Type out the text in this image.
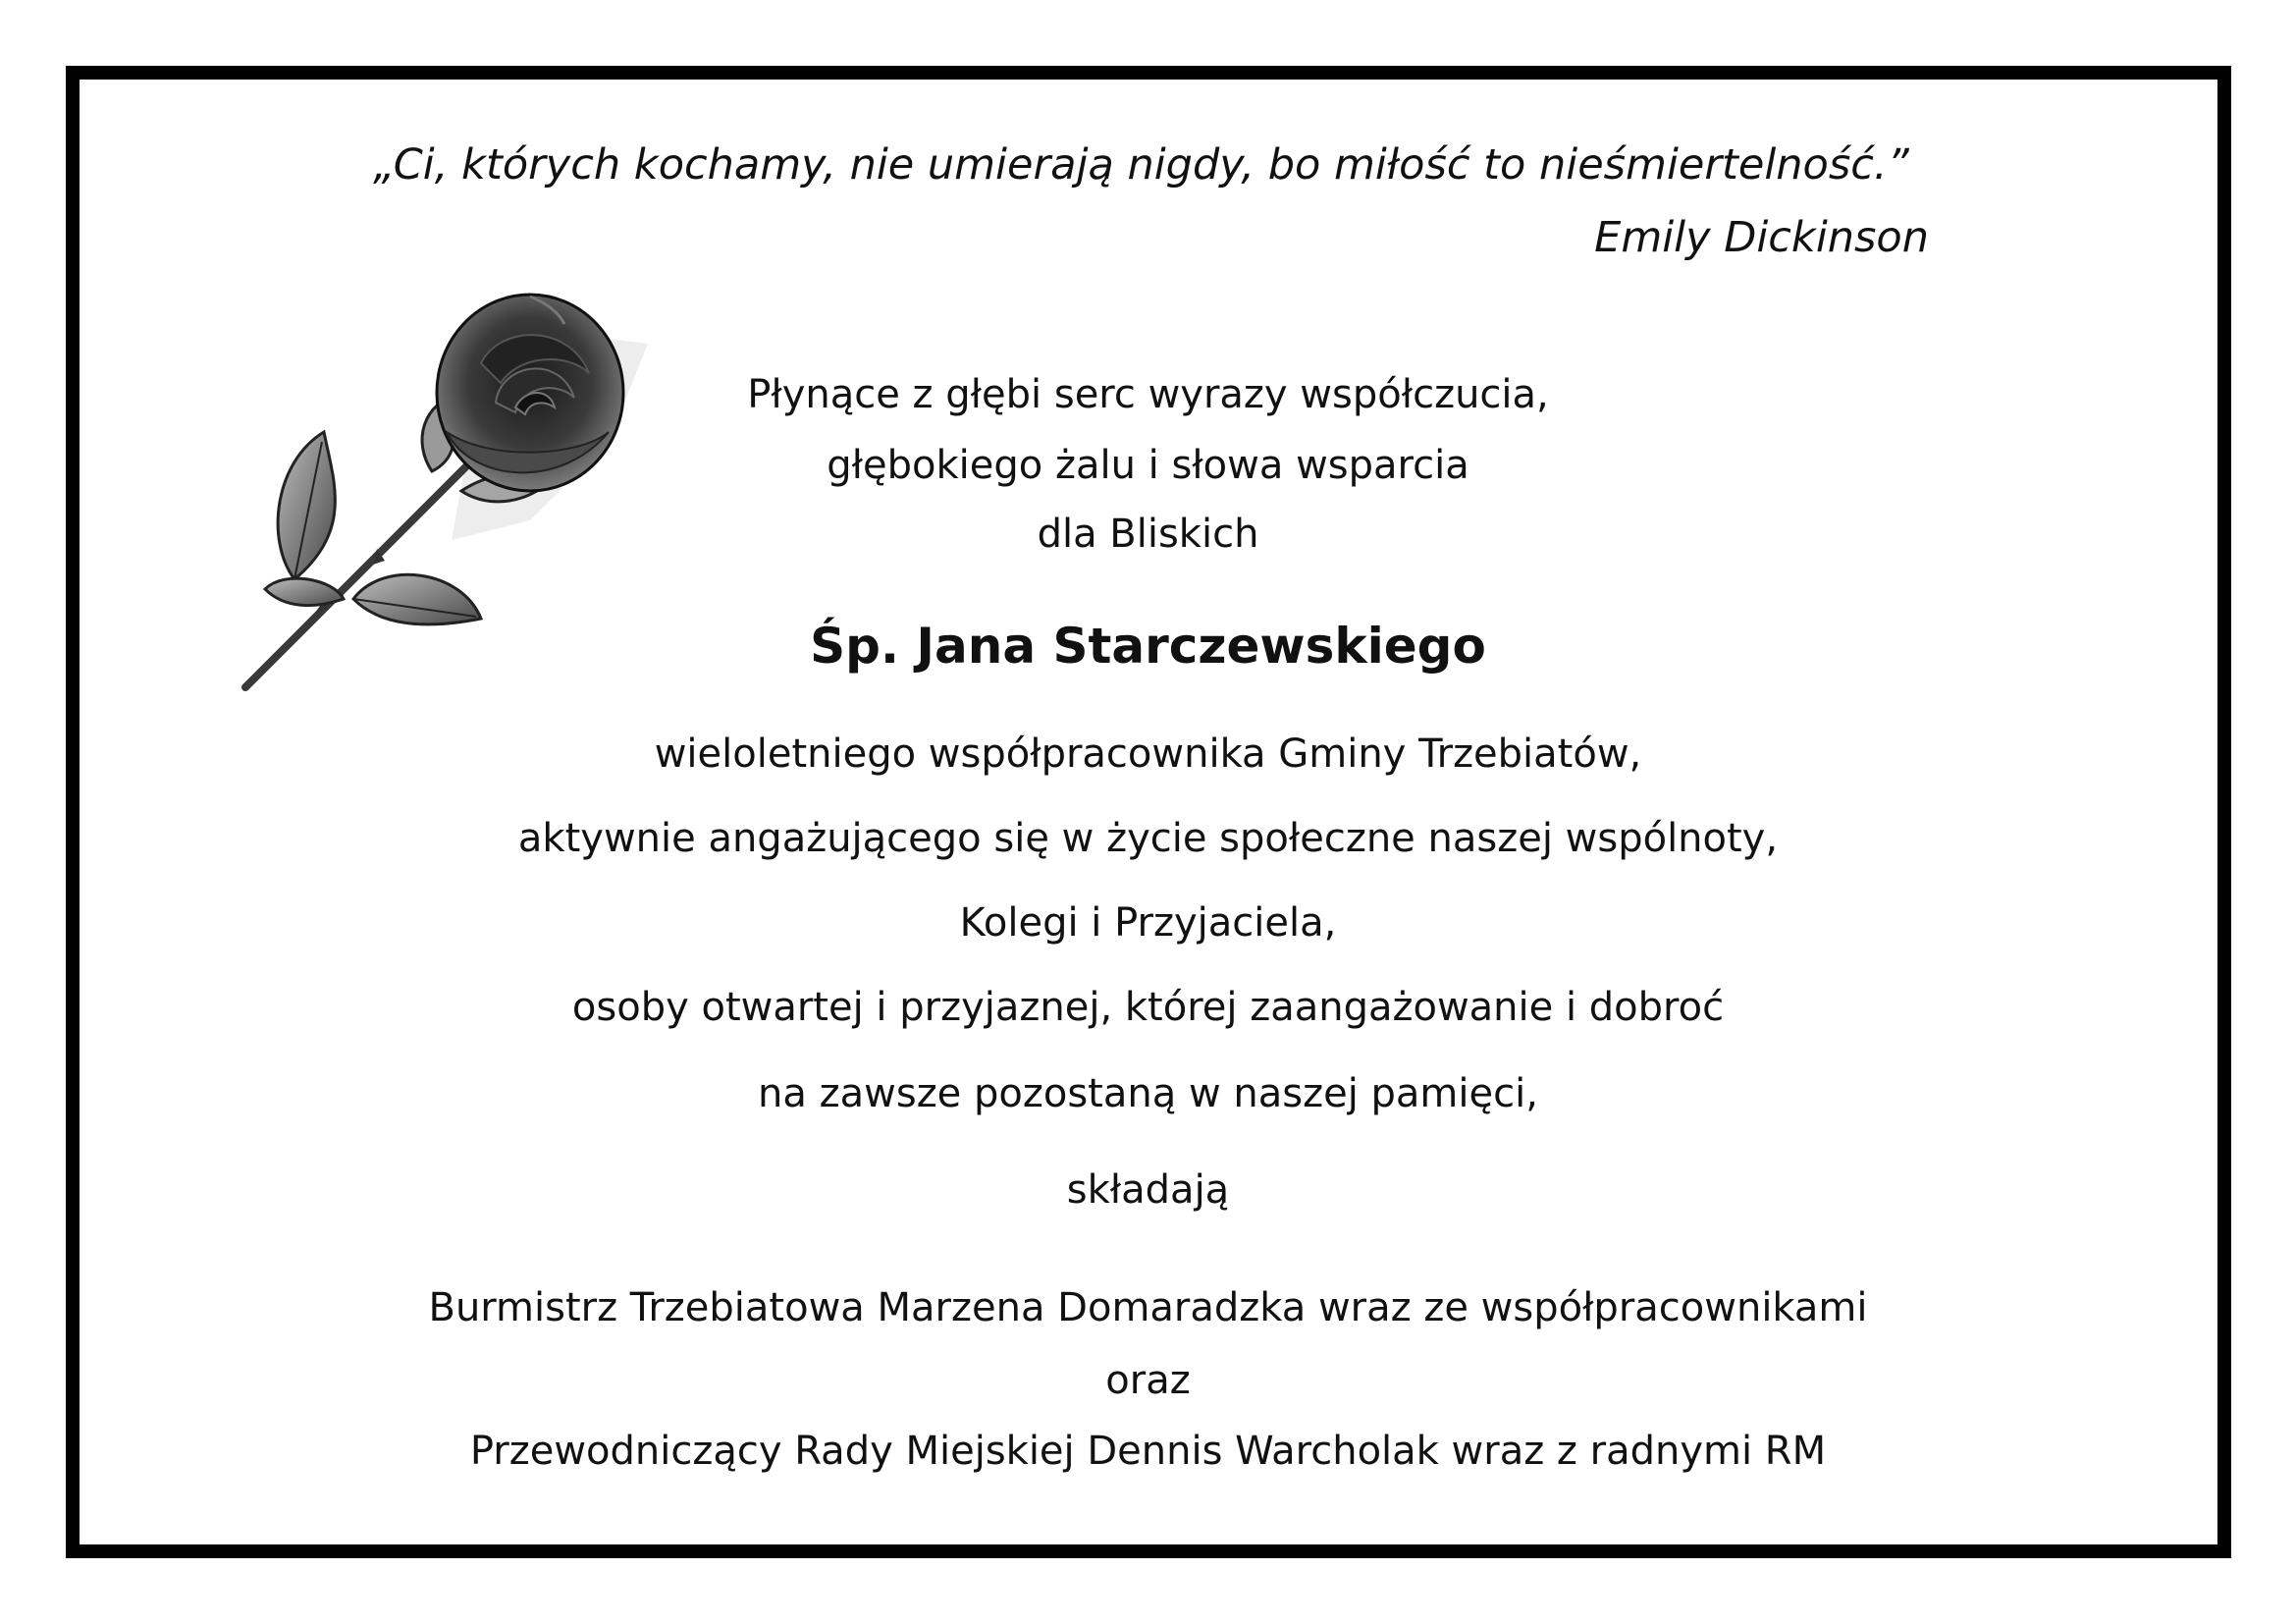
„Ci, których kochamy, nie umierają nigdy, bo miłość to nieśmiertelność.”
Emily Dickinson
Płynące z głębi serc wyrazy współczucia,
głębokiego żalu i słowa wsparcia
dla Bliskich
Śp. Jana Starczewskiego
wieloletniego współpracownika Gminy Trzebiatów,
aktywnie angażującego się w życie społeczne naszej wspólnoty,
Kolegi i Przyjaciela,
osoby otwartej i przyjaznej, której zaangażowanie i dobroć
na zawsze pozostaną w naszej pamięci,
składają
Burmistrz Trzebiatowa Marzena Domaradzka wraz ze współpracownikami
oraz
Przewodniczący Rady Miejskiej Dennis Warcholak wraz z radnymi RM
